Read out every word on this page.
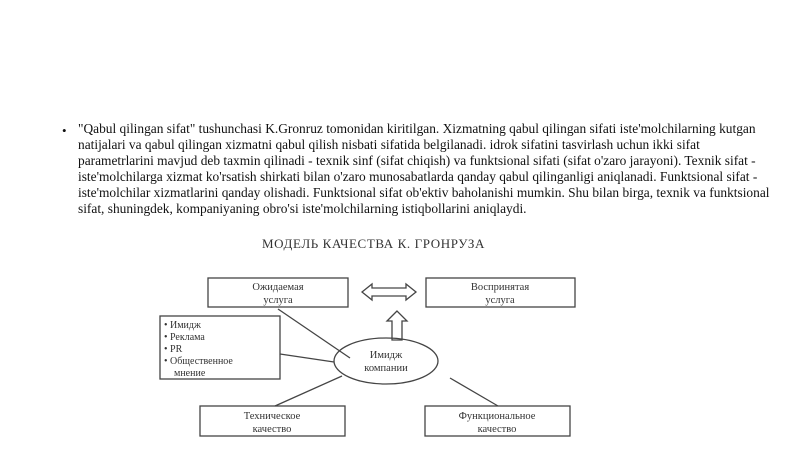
• "Qabul qilingan sifat" tushunchasi K.Gronruz tomonidan kiritilgan. Xizmatning qabul qilingan sifati iste'molchilarning kutgan natijalari va qabul qilingan xizmatni qabul qilish nisbati sifatida belgilanadi. idrok sifatini tasvirlash uchun ikki sifat parametrlarini mavjud deb taxmin qilinadi - texnik sinf (sifat chiqish) va funktsional sifati (sifat o'zaro jarayoni). Texnik sifat - iste'molchilarga xizmat ko'rsatish shirkati bilan o'zaro munosabatlarda qanday qabul qilinganligi aniqlanadi. Funktsional sifat - iste'molchilar xizmatlarini qanday olishadi. Funktsional sifat ob'ektiv baholanishi mumkin. Shu bilan birga, texnik va funktsional sifat, shuningdek, kompaniyaning obro'si iste'molchilarning istiqbollarini aniqlaydi.
МОДЕЛЬ КАЧЕСТВА К. ГРОНРУЗА
Ожидаемая
услуга
Воспринятая
услуга
• Имидж
• Реклама
• PR
• Общественное
мнение
Имидж
компании
Техническое
качество
Функциональное
качество
